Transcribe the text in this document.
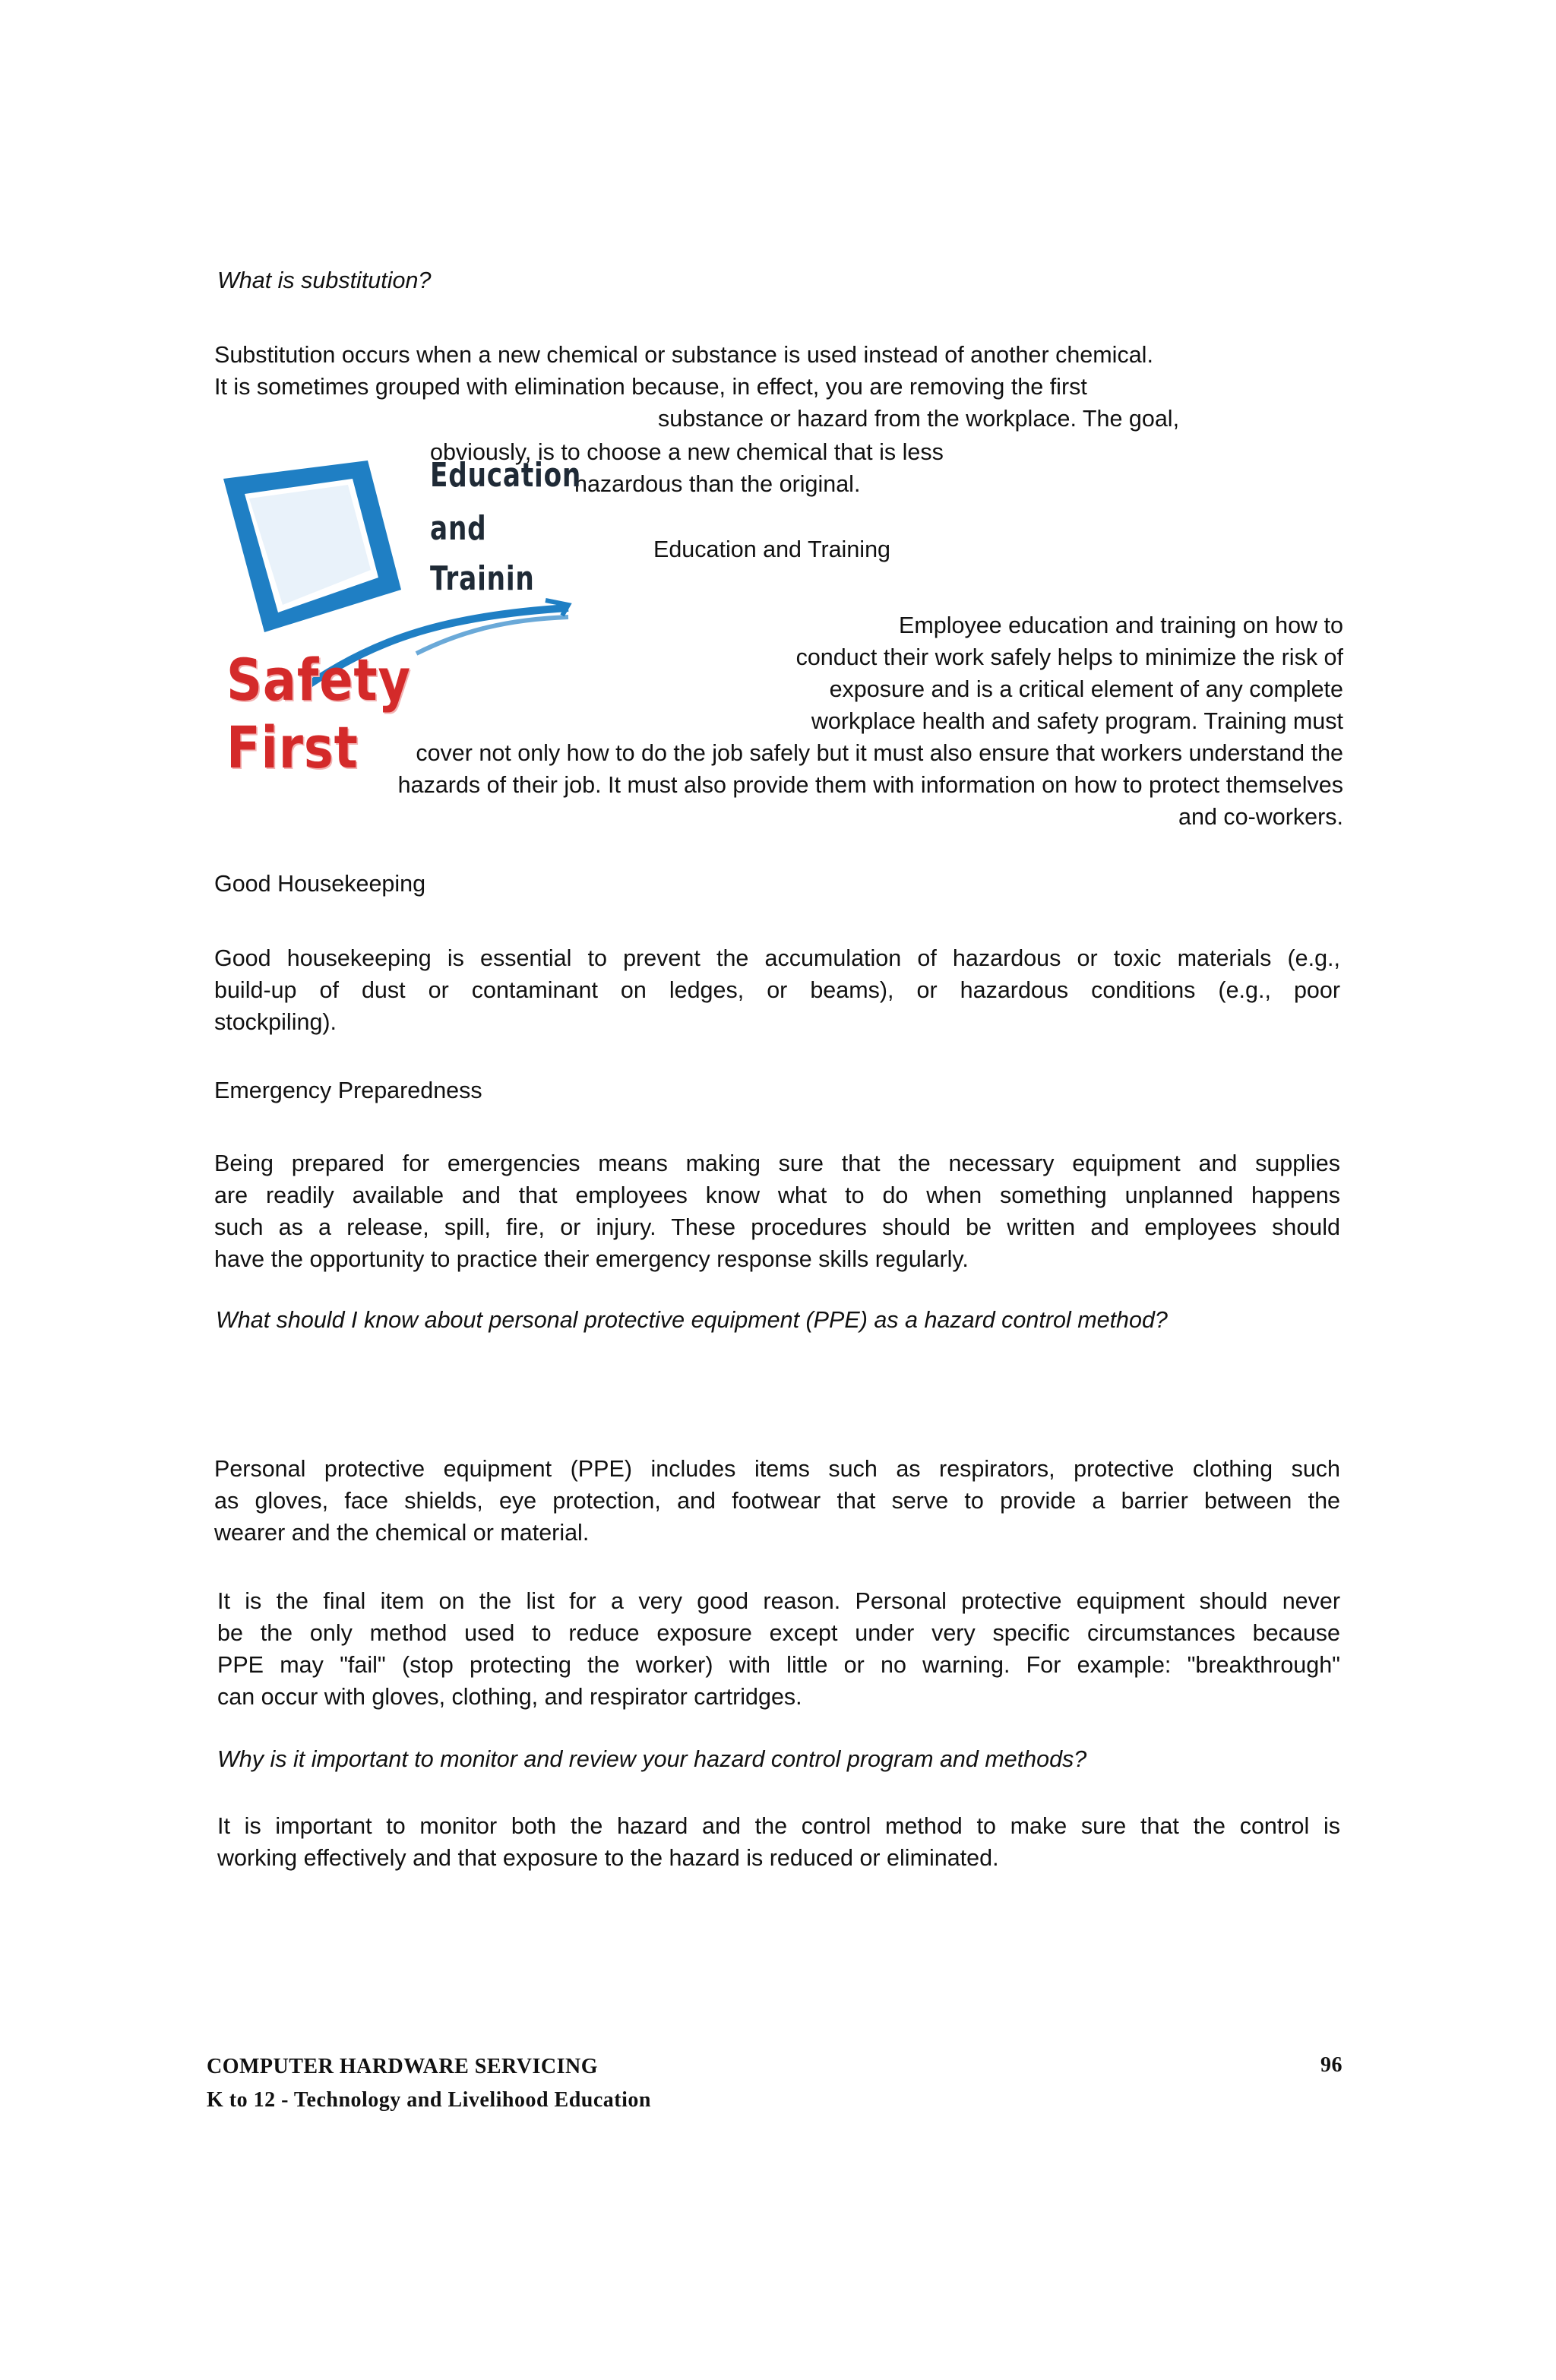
What is substitution?
Substitution occurs when a new chemical or substance is used instead of another chemical.
It is sometimes grouped with elimination because, in effect, you are removing the first
substance or hazard from the workplace. The goal,
obviously, is to choose a new chemical that is less
hazardous than the original.
Education
and
Trainin
Safety First
Education and Training
Employee education and training on how to
conduct their work safely helps to minimize the risk of
exposure and is a critical element of any complete
workplace health and safety program. Training must
cover not only how to do the job safely but it must also ensure that workers understand the
hazards of their job. It must also provide them with information on how to protect themselves
and co-workers.
Good Housekeeping
Good housekeeping is essential to prevent the accumulation of hazardous or toxic materials (e.g.,
build-up of dust or contaminant on ledges, or beams), or hazardous conditions (e.g., poor
stockpiling).
Emergency Preparedness
Being prepared for emergencies means making sure that the necessary equipment and supplies
are readily available and that employees know what to do when something unplanned happens
such as a release, spill, fire, or injury. These procedures should be written and employees should
have the opportunity to practice their emergency response skills regularly.
What should I know about personal protective equipment (PPE) as a hazard control method?
Personal protective equipment (PPE) includes items such as respirators, protective clothing such
as gloves, face shields, eye protection, and footwear that serve to provide a barrier between the
wearer and the chemical or material.
It is the final item on the list for a very good reason. Personal protective equipment should never
be the only method used to reduce exposure except under very specific circumstances because
PPE may "fail" (stop protecting the worker) with little or no warning. For example: "breakthrough"
can occur with gloves, clothing, and respirator cartridges.
Why is it important to monitor and review your hazard control program and methods?
It is important to monitor both the hazard and the control method to make sure that the control is
working effectively and that exposure to the hazard is reduced or eliminated.
COMPUTER HARDWARE SERVICING
K to 12 - Technology and Livelihood Education
96
